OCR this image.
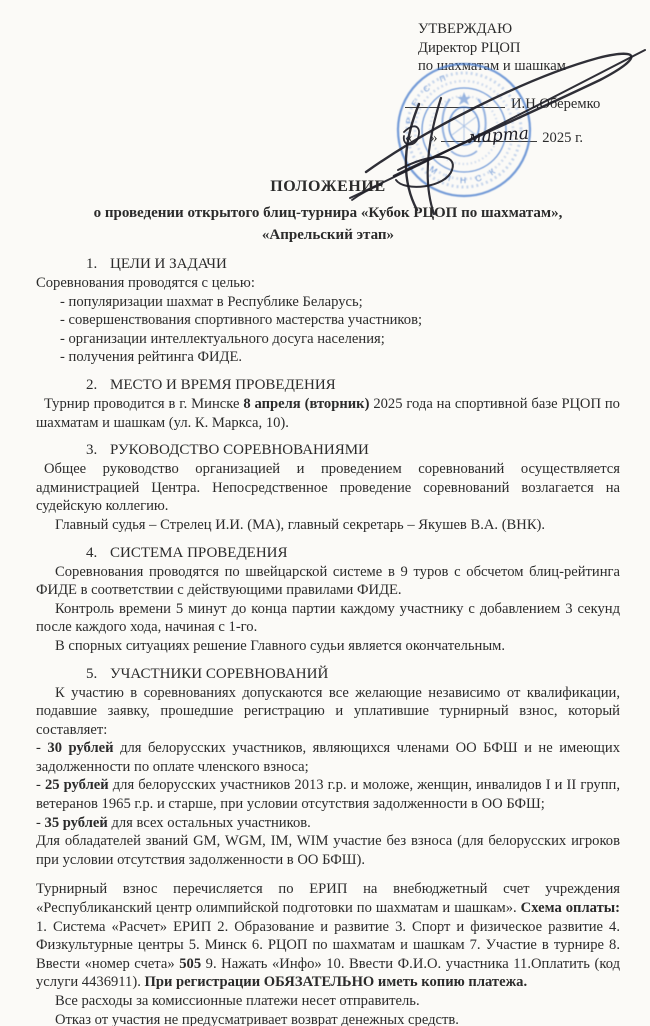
УТВЕРЖДАЮ
Директор РЦОП
по шахматам и шашкам
И.Н.Оберемко
« »	2025 г.
Р Е С П
М И Н С К
марта
ПОЛОЖЕНИЕ
о проведении открытого блиц-турнира «Кубок РЦОП по шахматам»,
«Апрельский этап»
1. ЦЕЛИ И ЗАДАЧИ
Соревнования проводятся с целью:
- популяризации шахмат в Республике Беларусь;
- совершенствования спортивного мастерства участников;
- организации интеллектуального досуга населения;
- получения рейтинга ФИДЕ.
2. МЕСТО И ВРЕМЯ ПРОВЕДЕНИЯ
Турнир проводится в г. Минске 8 апреля (вторник) 2025 года на спортивной базе РЦОП по шахматам и шашкам (ул. К. Маркса, 10).
3. РУКОВОДСТВО СОРЕВНОВАНИЯМИ
Общее руководство организацией и проведением соревнований осуществляется администрацией Центра. Непосредственное проведение соревнований возлагается на судейскую коллегию.
Главный судья – Стрелец И.И. (МА), главный секретарь – Якушев В.А. (ВНК).
4. СИСТЕМА ПРОВЕДЕНИЯ
Соревнования проводятся по швейцарской системе в 9 туров с обсчетом блиц-рейтинга ФИДЕ в соответствии с действующими правилами ФИДЕ.
Контроль времени 5 минут до конца партии каждому участнику с добавлением 3 секунд после каждого хода, начиная с 1-го.
В спорных ситуациях решение Главного судьи является окончательным.
5. УЧАСТНИКИ СОРЕВНОВАНИЙ
К участию в соревнованиях допускаются все желающие независимо от квалификации, подавшие заявку, прошедшие регистрацию и уплатившие турнирный взнос, который составляет:
- 30 рублей для белорусских участников, являющихся членами ОО БФШ и не имеющих задолженности по оплате членского взноса;
- 25 рублей для белорусских участников 2013 г.р. и моложе, женщин, инвалидов I и II групп, ветеранов 1965 г.р. и старше, при условии отсутствия задолженности в ОО БФШ;
- 35 рублей для всех остальных участников.
Для обладателей званий GM, WGM, IM, WIM участие без взноса (для белорусских игроков при условии отсутствия задолженности в ОО БФШ).
Турнирный взнос перечисляется по ЕРИП на внебюджетный счет учреждения «Республиканский центр олимпийской подготовки по шахматам и шашкам». Схема оплаты: 1. Система «Расчет» ЕРИП 2. Образование и развитие 3. Спорт и физическое развитие 4. Физкультурные центры 5. Минск 6. РЦОП по шахматам и шашкам 7. Участие в турнире 8. Ввести «номер счета» 505 9. Нажать «Инфо» 10. Ввести Ф.И.О. участника 11.Оплатить (код услуги 4436911). При регистрации ОБЯЗАТЕЛЬНО иметь копию платежа.
Все расходы за комиссионные платежи несет отправитель.
Отказ от участия не предусматривает возврат денежных средств.
